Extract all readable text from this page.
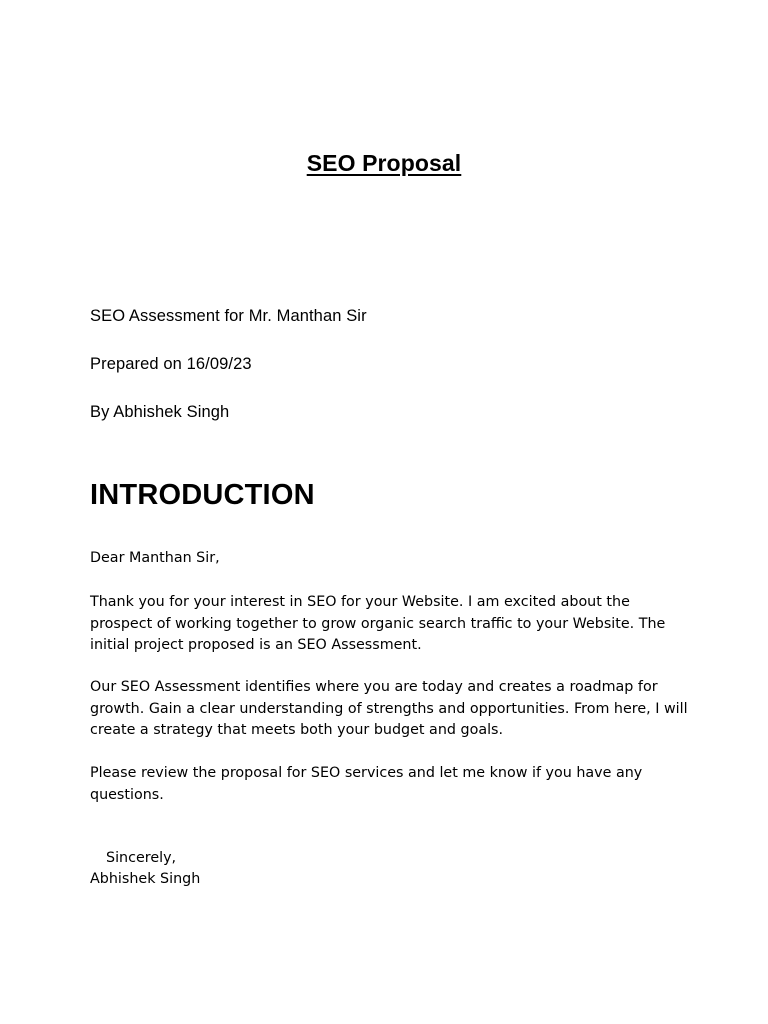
SEO Proposal
SEO Assessment for Mr. Manthan Sir
Prepared on 16/09/23
By Abhishek Singh
INTRODUCTION
Dear Manthan Sir,
Thank you for your interest in SEO for your Website. I am excited about the prospect of working together to grow organic search traffic to your Website. The initial project proposed is an SEO Assessment.
Our SEO Assessment identifies where you are today and creates a roadmap for growth. Gain a clear understanding of strengths and opportunities. From here, I will create a strategy that meets both your budget and goals.
Please review the proposal for SEO services and let me know if you have any questions.
Sincerely,
Abhishek Singh
